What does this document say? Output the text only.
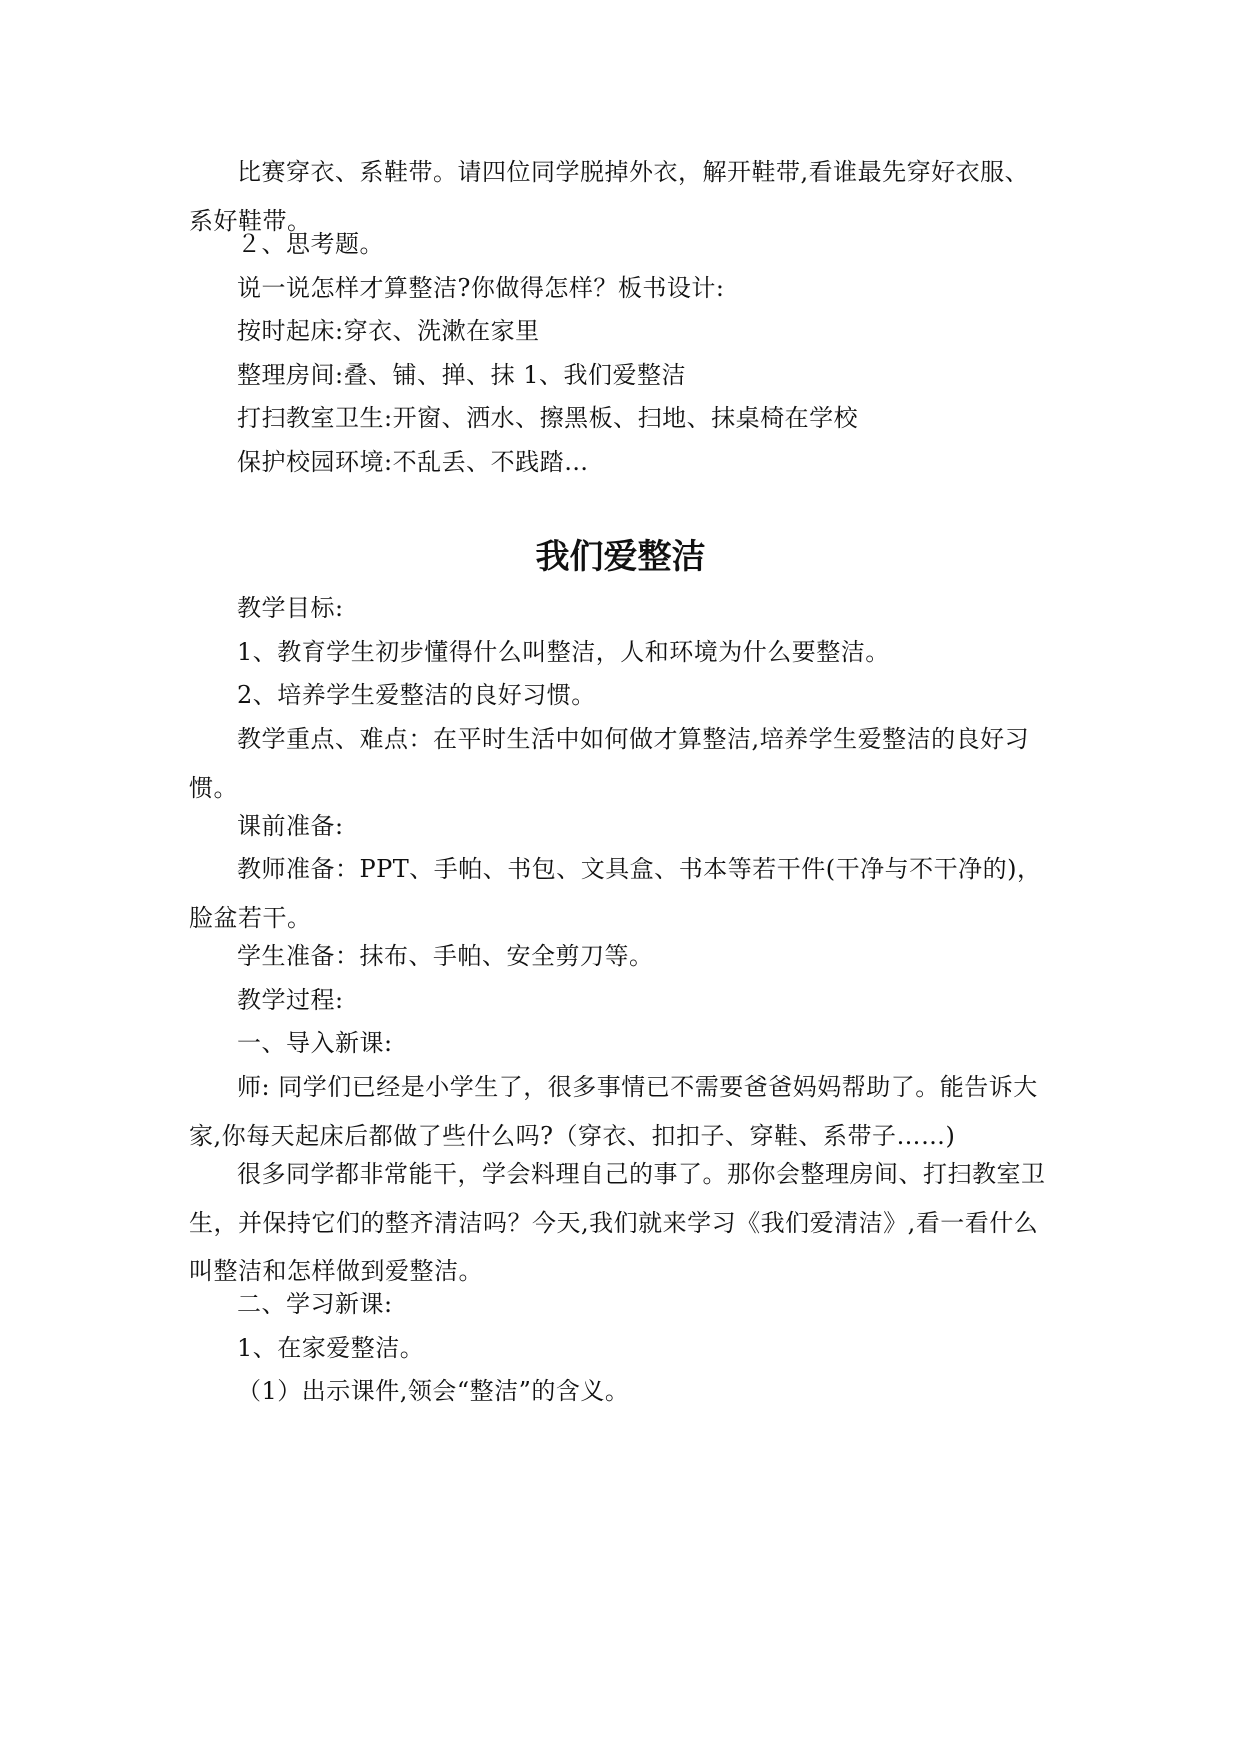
比赛穿衣、系鞋带。请四位同学脱掉外衣，解开鞋带,看谁最先穿好衣服、系好鞋带。

２、思考题。

说一说怎样才算整洁?你做得怎样？板书设计:

按时起床:穿衣、洗漱在家里

整理房间:叠、铺、掸、抹 1、我们爱整洁

打扫教室卫生:开窗、洒水、擦黑板、扫地、抹桌椅在学校

保护校园环境:不乱丢、不践踏…

我们爱整洁

教学目标:

1、教育学生初步懂得什么叫整洁，人和环境为什么要整洁。

2、培养学生爱整洁的良好习惯。

教学重点、难点：在平时生活中如何做才算整洁,培养学生爱整洁的良好习惯。

课前准备:

教师准备：PPT、手帕、书包、文具盒、书本等若干件(干净与不干净的)，脸盆若干。

学生准备：抹布、手帕、安全剪刀等。

教学过程:

一、导入新课:

师: 同学们已经是小学生了，很多事情已不需要爸爸妈妈帮助了。能告诉大家,你每天起床后都做了些什么吗?（穿衣、扣扣子、穿鞋、系带子……)

很多同学都非常能干，学会料理自己的事了。那你会整理房间、打扫教室卫生，并保持它们的整齐清洁吗？今天,我们就来学习《我们爱清洁》,看一看什么叫整洁和怎样做到爱整洁。

二、学习新课:

1、在家爱整洁。

（1）出示课件,领会“整洁”的含义。
